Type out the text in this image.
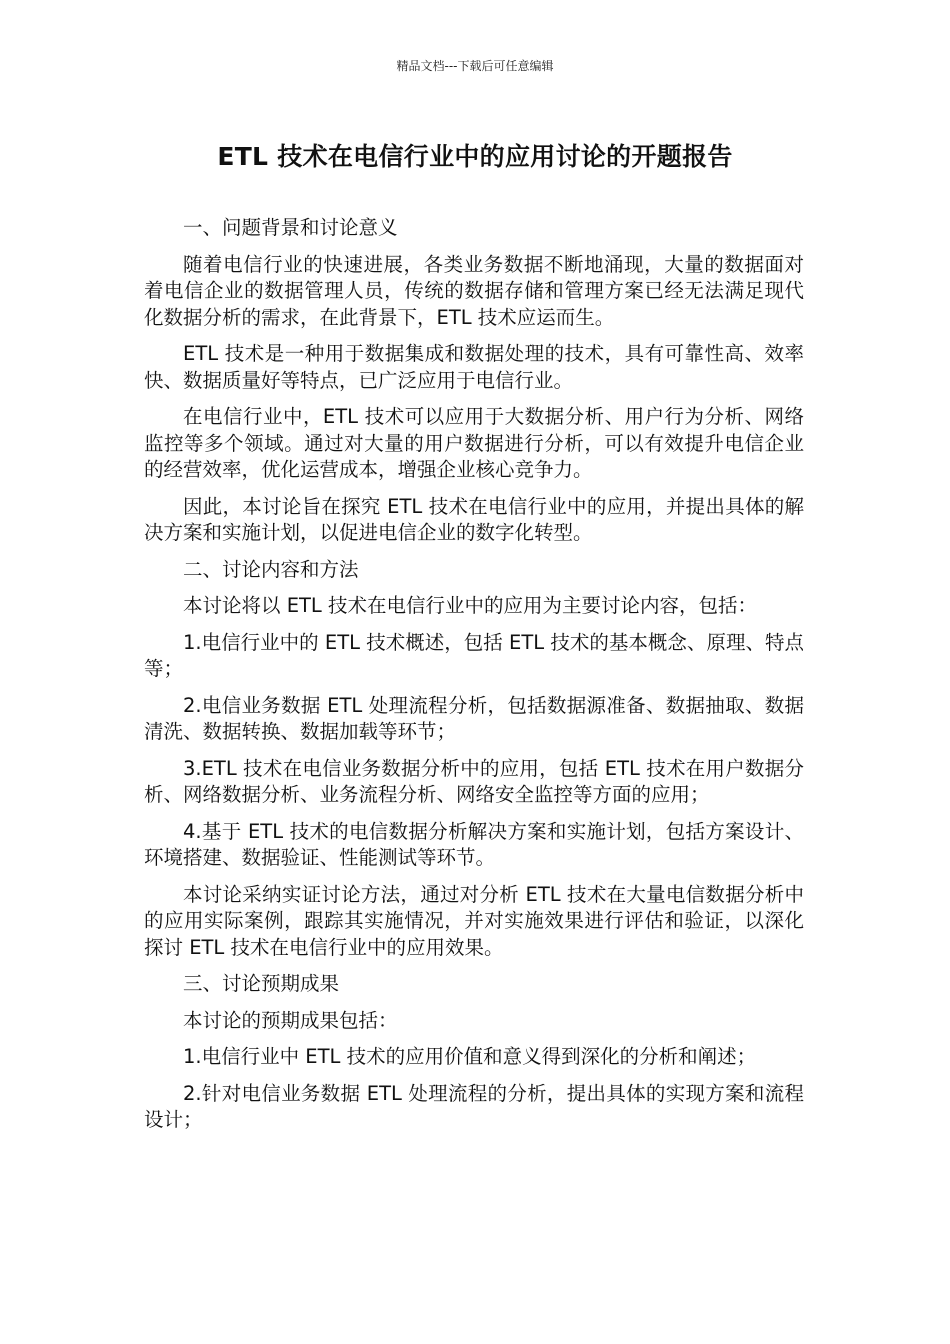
精品文档---下载后可任意编辑
ETL 技术在电信行业中的应用讨论的开题报告

一、问题背景和讨论意义

随着电信行业的快速进展，各类业务数据不断地涌现，大量的数据面对着电信企业的数据管理人员，传统的数据存储和管理方案已经无法满足现代化数据分析的需求，在此背景下，ETL 技术应运而生。

ETL 技术是一种用于数据集成和数据处理的技术，具有可靠性高、效率快、数据质量好等特点，已广泛应用于电信行业。

在电信行业中，ETL 技术可以应用于大数据分析、用户行为分析、网络监控等多个领域。通过对大量的用户数据进行分析，可以有效提升电信企业的经营效率，优化运营成本，增强企业核心竞争力。

因此，本讨论旨在探究 ETL 技术在电信行业中的应用，并提出具体的解决方案和实施计划，以促进电信企业的数字化转型。

二、讨论内容和方法

本讨论将以 ETL 技术在电信行业中的应用为主要讨论内容，包括：

1.电信行业中的 ETL 技术概述，包括 ETL 技术的基本概念、原理、特点等；

2.电信业务数据 ETL 处理流程分析，包括数据源准备、数据抽取、数据清洗、数据转换、数据加载等环节；

3.ETL 技术在电信业务数据分析中的应用，包括 ETL 技术在用户数据分析、网络数据分析、业务流程分析、网络安全监控等方面的应用；

4.基于 ETL 技术的电信数据分析解决方案和实施计划，包括方案设计、环境搭建、数据验证、性能测试等环节。

本讨论采纳实证讨论方法，通过对分析 ETL 技术在大量电信数据分析中的应用实际案例，跟踪其实施情况，并对实施效果进行评估和验证，以深化探讨 ETL 技术在电信行业中的应用效果。

三、讨论预期成果

本讨论的预期成果包括：

1.电信行业中 ETL 技术的应用价值和意义得到深化的分析和阐述；

2.针对电信业务数据 ETL 处理流程的分析，提出具体的实现方案和流程设计；
